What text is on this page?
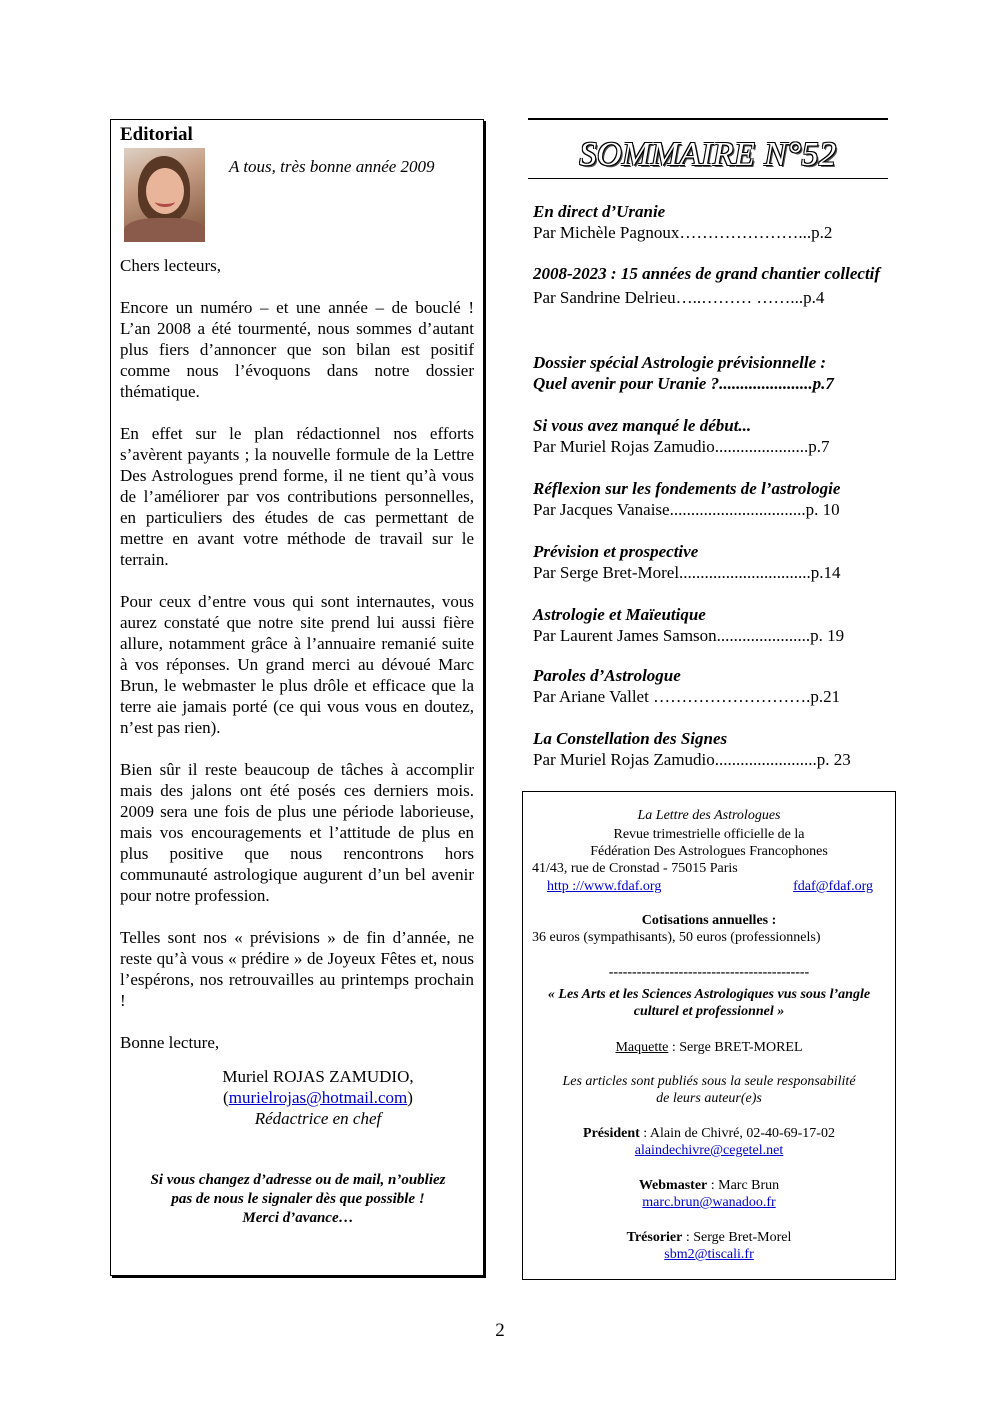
Editorial
A tous, très bonne année 2009

Chers lecteurs,

Encore un numéro – et une année – de bouclé ! L’an 2008 a été tourmenté, nous sommes d’autant plus fiers d’annoncer que son bilan est positif comme nous l’évoquons dans notre dossier thématique.

En effet sur le plan rédactionnel nos efforts s’avèrent payants ; la nouvelle formule de la Lettre Des Astrologues prend forme, il ne tient qu’à vous de l’améliorer par vos contributions personnelles, en particuliers des études de cas permettant de mettre en avant votre méthode de travail sur le terrain.

Pour ceux d’entre vous qui sont internautes, vous aurez constaté que notre site prend lui aussi fière allure, notamment grâce à l’annuaire remanié suite à vos réponses. Un grand merci au dévoué Marc Brun, le webmaster le plus drôle et efficace que la terre aie jamais porté (ce qui vous vous en doutez, n’est pas rien).

Bien sûr il reste beaucoup de tâches à accomplir mais des jalons ont été posés ces derniers mois. 2009 sera une fois de plus une période laborieuse, mais vos encouragements et l’attitude de plus en plus positive que nous rencontrons hors communauté astrologique augurent d’un bel avenir pour notre profession.

Telles sont nos « prévisions » de fin d’année, ne reste qu’à vous « prédire » de Joyeux Fêtes et, nous l’espérons, nos retrouvailles au printemps prochain !

Bonne lecture,

Muriel ROJAS ZAMUDIO,
(murielrojas@hotmail.com)
Rédactrice en chef
Si vous changez d’adresse ou de mail, n’oubliez
pas de nous le signaler dès que possible !
Merci d’avance…
SOMMAIRE N°52
En direct d’Uranie
Par Michèle Pagnoux…………………...p.2
2008-2023 : 15 années de grand chantier collectif
Par Sandrine Delrieu…..……… ……...p.4
Dossier spécial Astrologie prévisionnelle :
Quel avenir pour Uranie ?......................p.7
Si vous avez manqué le début...
Par Muriel Rojas Zamudio......................p.7
Réflexion sur les fondements de l’astrologie
Par Jacques Vanaise................................p. 10
Prévision et prospective
Par Serge Bret-Morel...............................p.14
Astrologie et Maïeutique
Par Laurent James Samson......................p. 19
Paroles d’Astrologue
Par Ariane Vallet ……………………….p.21
La Constellation des Signes
Par Muriel Rojas Zamudio........................p. 23
La Lettre des Astrologues
Revue trimestrielle officielle de la
Fédération Des Astrologues Francophones
41/43, rue de Cronstad - 75015 Paris
http ://www.fdaf.org	fdaf@fdaf.org
Cotisations annuelles :
36 euros (sympathisants), 50 euros (professionnels)
-------------------------------------------
« Les Arts et les Sciences Astrologiques vus sous l’angle
culturel et professionnel »
Maquette : Serge BRET-MOREL
Les articles sont publiés sous la seule responsabilité
de leurs auteur(e)s
Président : Alain de Chivré, 02-40-69-17-02
alaindechivre@cegetel.net
Webmaster : Marc Brun
marc.brun@wanadoo.fr
Trésorier : Serge Bret-Morel
sbm2@tiscali.fr
2
